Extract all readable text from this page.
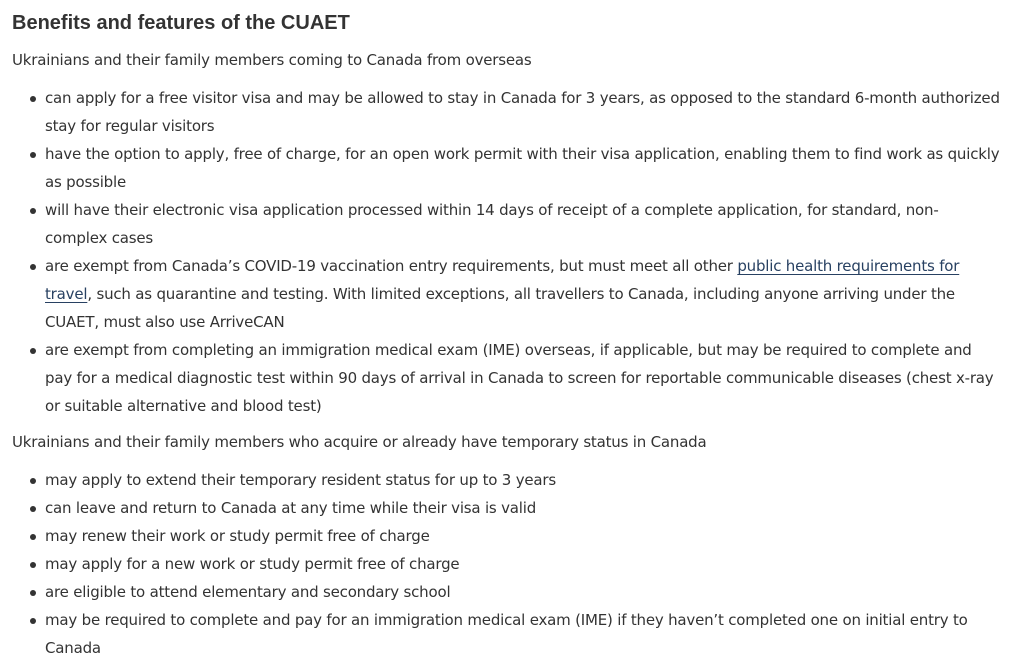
Benefits and features of the CUAET

Ukrainians and their family members coming to Canada from overseas

can apply for a free visitor visa and may be allowed to stay in Canada for 3 years, as opposed to the standard 6-month authorized stay for regular visitors
have the option to apply, free of charge, for an open work permit with their visa application, enabling them to find work as quickly as possible
will have their electronic visa application processed within 14 days of receipt of a complete application, for standard, non-complex cases
are exempt from Canada’s COVID-19 vaccination entry requirements, but must meet all other public health requirements for travel, such as quarantine and testing. With limited exceptions, all travellers to Canada, including anyone arriving under the CUAET, must also use ArriveCAN
are exempt from completing an immigration medical exam (IME) overseas, if applicable, but may be required to complete and pay for a medical diagnostic test within 90 days of arrival in Canada to screen for reportable communicable diseases (chest x-ray or suitable alternative and blood test)

Ukrainians and their family members who acquire or already have temporary status in Canada

may apply to extend their temporary resident status for up to 3 years
can leave and return to Canada at any time while their visa is valid
may renew their work or study permit free of charge
may apply for a new work or study permit free of charge
are eligible to attend elementary and secondary school
may be required to complete and pay for an immigration medical exam (IME) if they haven’t completed one on initial entry to Canada
